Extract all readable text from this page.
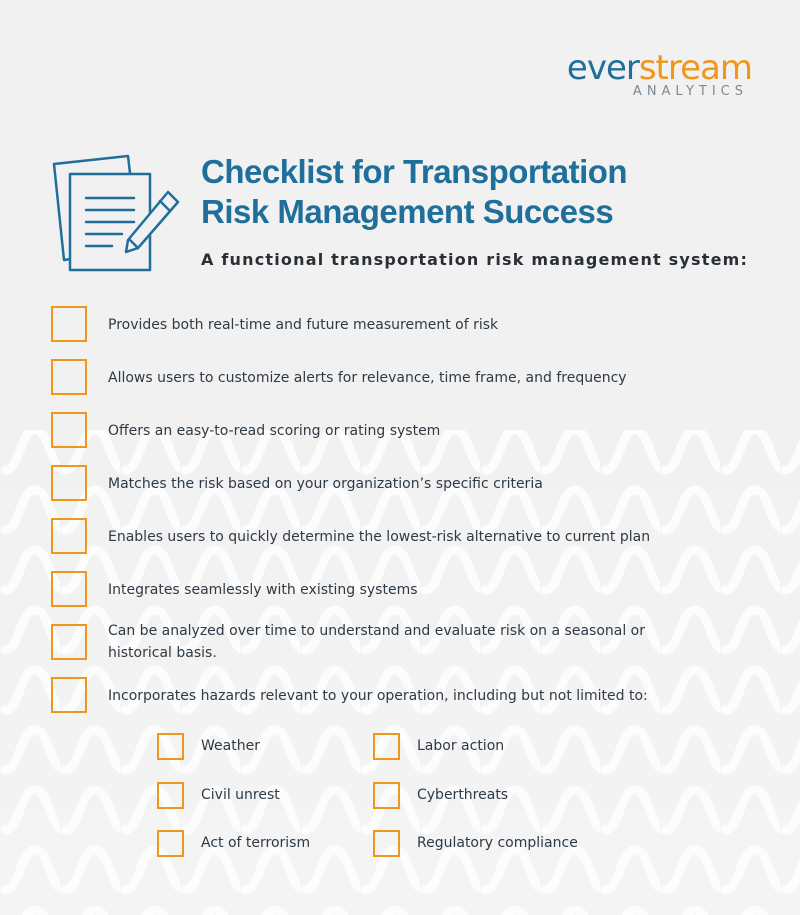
everstream
ANALYTICS
Checklist for Transportation
Risk Management Success
A functional transportation risk management system:
Provides both real-time and future measurement of risk
Allows users to customize alerts for relevance, time frame, and frequency
Offers an easy-to-read scoring or rating system
Matches the risk based on your organization’s specific criteria
Enables users to quickly determine the lowest-risk alternative to current plan
Integrates seamlessly with existing systems
Can be analyzed over time to understand and evaluate risk on a seasonal or
historical basis.
Incorporates hazards relevant to your operation, including but not limited to:
Weather
Civil unrest
Act of terrorism
Labor action
Cyberthreats
Regulatory compliance
